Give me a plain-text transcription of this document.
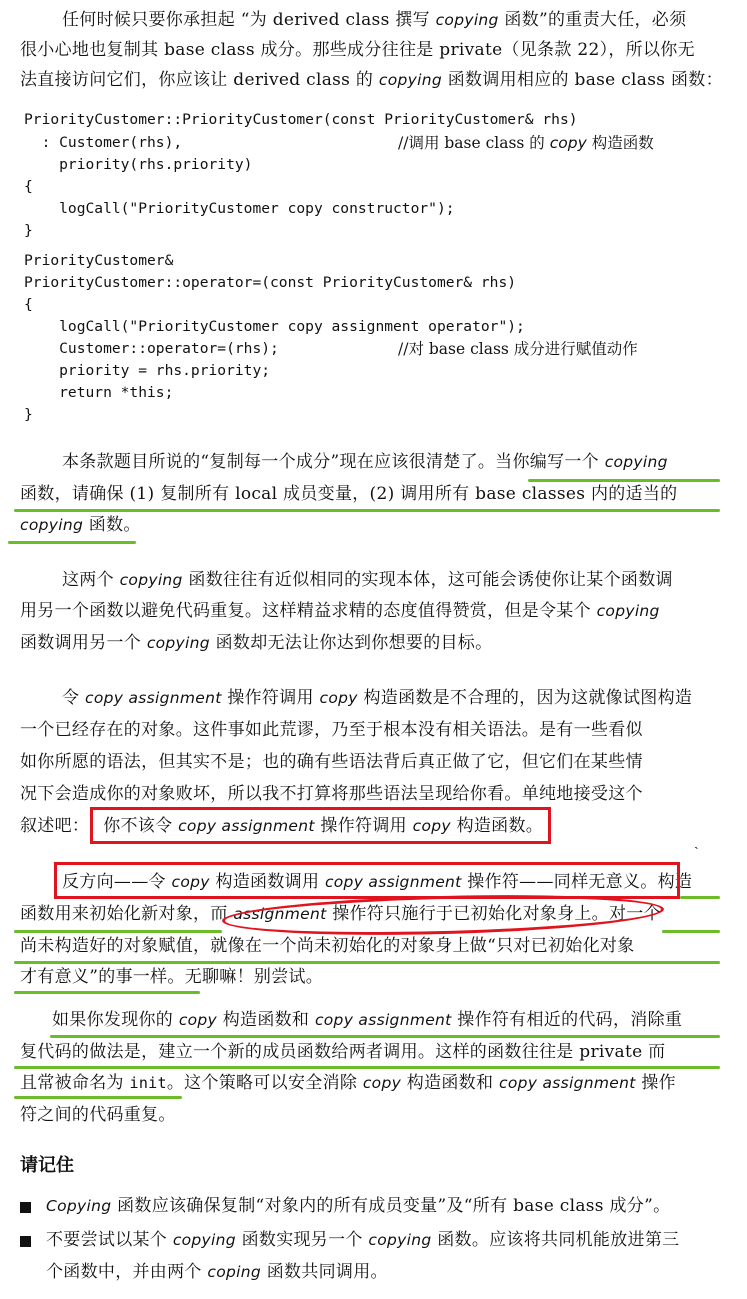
任何时候只要你承担起 “为 derived class 撰写 copying 函数”的重责大任，必须
很小心地也复制其 base class 成分。那些成分往往是 private（见条款 22），所以你无
法直接访问它们，你应该让 derived class 的 copying 函数调用相应的 base class 函数：
PriorityCustomer::PriorityCustomer(const PriorityCustomer& rhs)
: Customer(rhs),	//调用 base class 的 copy 构造函数
priority(rhs.priority)
{
logCall("PriorityCustomer copy constructor");
}
PriorityCustomer&
PriorityCustomer::operator=(const PriorityCustomer& rhs)
{
logCall("PriorityCustomer copy assignment operator");
Customer::operator=(rhs);	//对 base class 成分进行赋值动作
priority = rhs.priority;
return *this;
}
本条款题目所说的“复制每一个成分”现在应该很清楚了。当你编写一个 copying
函数，请确保 (1) 复制所有 local 成员变量，(2) 调用所有 base classes 内的适当的
copying 函数。
这两个 copying 函数往往有近似相同的实现本体，这可能会诱使你让某个函数调
用另一个函数以避免代码重复。这样精益求精的态度值得赞赏，但是令某个 copying
函数调用另一个 copying 函数却无法让你达到你想要的目标。
令 copy assignment 操作符调用 copy 构造函数是不合理的，因为这就像试图构造
一个已经存在的对象。这件事如此荒谬，乃至于根本没有相关语法。是有一些看似
如你所愿的语法，但其实不是；也的确有些语法背后真正做了它，但它们在某些情
况下会造成你的对象败坏，所以我不打算将那些语法呈现给你看。单纯地接受这个
叙述吧： 你不该令 copy assignment 操作符调用 copy 构造函数。
ˎ
反方向——令 copy 构造函数调用 copy assignment 操作符——同样无意义。构造
函数用来初始化新对象，而 assignment 操作符只施行于已初始化对象身上。对一个
尚未构造好的对象赋值，就像在一个尚未初始化的对象身上做“只对已初始化对象
才有意义”的事一样。无聊嘛！别尝试。
如果你发现你的 copy 构造函数和 copy assignment 操作符有相近的代码，消除重
复代码的做法是，建立一个新的成员函数给两者调用。这样的函数往往是 private 而
且常被命名为 init。这个策略可以安全消除 copy 构造函数和 copy assignment 操作
符之间的代码重复。
请记住
Copying 函数应该确保复制“对象内的所有成员变量”及“所有 base class 成分”。
不要尝试以某个 copying 函数实现另一个 copying 函数。应该将共同机能放进第三
个函数中，并由两个 coping 函数共同调用。
